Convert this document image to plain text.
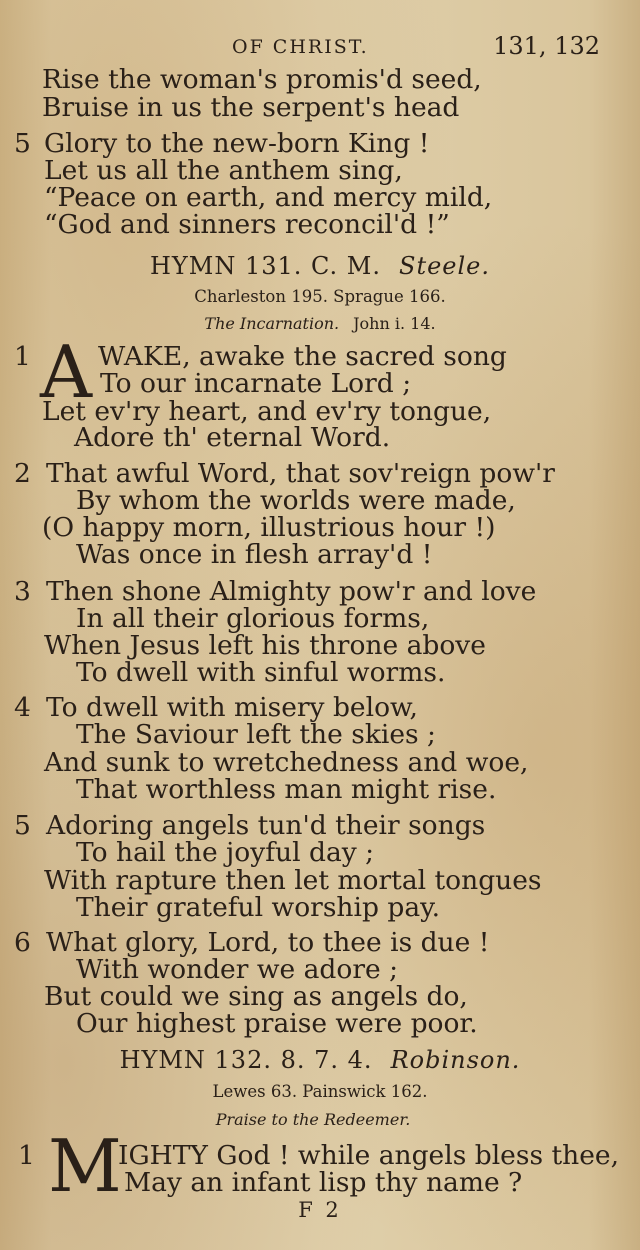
OF CHRIST.	131, 132
Rise the woman's promis'd seed,
Bruise in us the serpent's head
5 Glory to the new-born King !
Let us all the anthem sing,
“Peace on earth, and mercy mild,
“God and sinners reconcil'd !”
HYMN 131. C. M. Steele.
Charleston 195. Sprague 166.
The Incarnation. John i. 14.
1 A WAKE, awake the sacred song
To our incarnate Lord ;
Let ev'ry heart, and ev'ry tongue,
Adore th' eternal Word.
2 That awful Word, that sov'reign pow'r
By whom the worlds were made,
(O happy morn, illustrious hour !)
Was once in flesh array'd !
3 Then shone Almighty pow'r and love
In all their glorious forms,
When Jesus left his throne above
To dwell with sinful worms.
4 To dwell with misery below,
The Saviour left the skies ;
And sunk to wretchedness and woe,
That worthless man might rise.
5 Adoring angels tun'd their songs
To hail the joyful day ;
With rapture then let mortal tongues
Their grateful worship pay.
6 What glory, Lord, to thee is due !
With wonder we adore ;
But could we sing as angels do,
Our highest praise were poor.
HYMN 132. 8. 7. 4. Robinson.
Lewes 63. Painswick 162.
Praise to the Redeemer.
1 M
IGHTY God ! while angels bless thee,
May an infant lisp thy name ?
F 2
